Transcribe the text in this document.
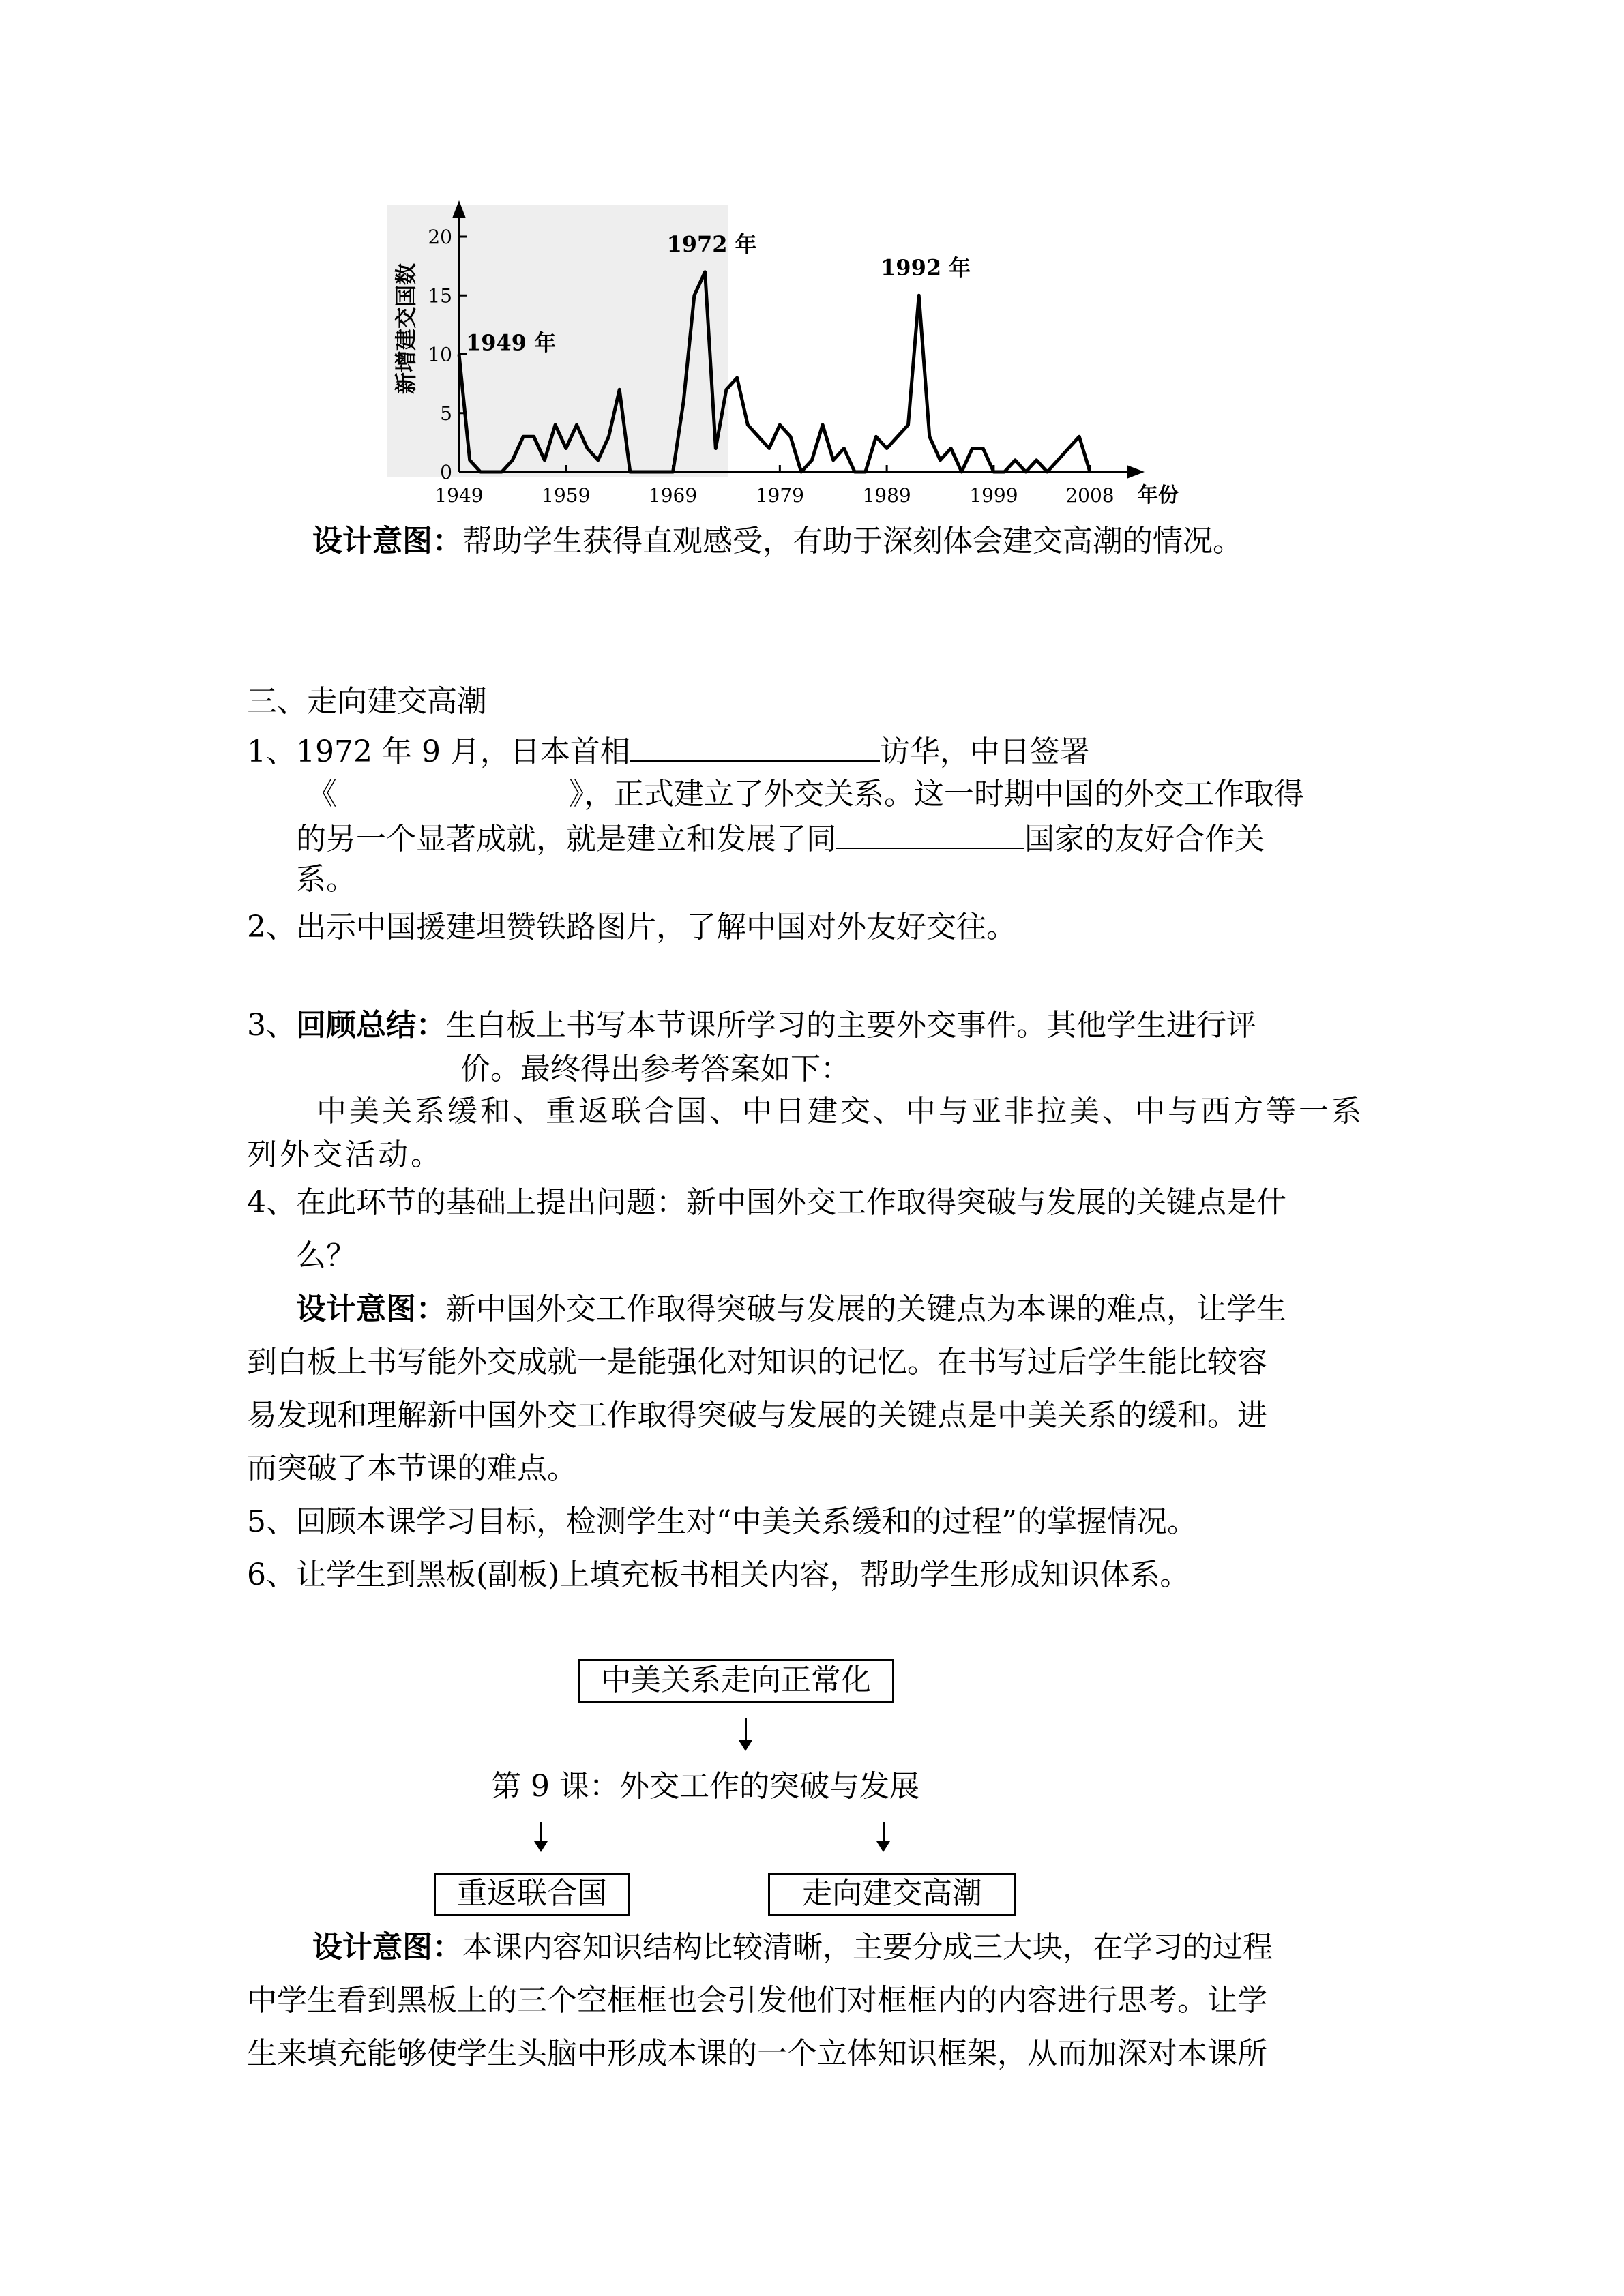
0
5
10
15
20
1949	1959	1969	1979	1989	1999 2008 年份
新增建交国数 1949 年
1972 年
1992 年
设计意图：帮助学生获得直观感受，有助于深刻体会建交高潮的情况。
三、走向建交高潮
1、1972 年 9 月，日本首相	访华，中日签署
《	》，正式建立了外交关系。这一时期中国的外交工作取得
的另一个显著成就，就是建立和发展了同	国家的友好合作关
系。
2、出示中国援建坦赞铁路图片，了解中国对外友好交往。
3、回顾总结：生白板上书写本节课所学习的主要外交事件。其他学生进行评
价。最终得出参考答案如下：
中美关系缓和、重返联合国、中日建交、中与亚非拉美、中与西方等一系
列外交活动。
4、在此环节的基础上提出问题：新中国外交工作取得突破与发展的关键点是什
么？
设计意图：新中国外交工作取得突破与发展的关键点为本课的难点，让学生
到白板上书写能外交成就一是能强化对知识的记忆。在书写过后学生能比较容
易发现和理解新中国外交工作取得突破与发展的关键点是中美关系的缓和。进
而突破了本节课的难点。
5、回顾本课学习目标，检测学生对“中美关系缓和的过程”的掌握情况。
6、让学生到黑板(副板)上填充板书相关内容，帮助学生形成知识体系。
中美关系走向正常化
第 9 课：外交工作的突破与发展
重返联合国	走向建交高潮
设计意图：本课内容知识结构比较清晰，主要分成三大块，在学习的过程
中学生看到黑板上的三个空框框也会引发他们对框框内的内容进行思考。让学
生来填充能够使学生头脑中形成本课的一个立体知识框架，从而加深对本课所
